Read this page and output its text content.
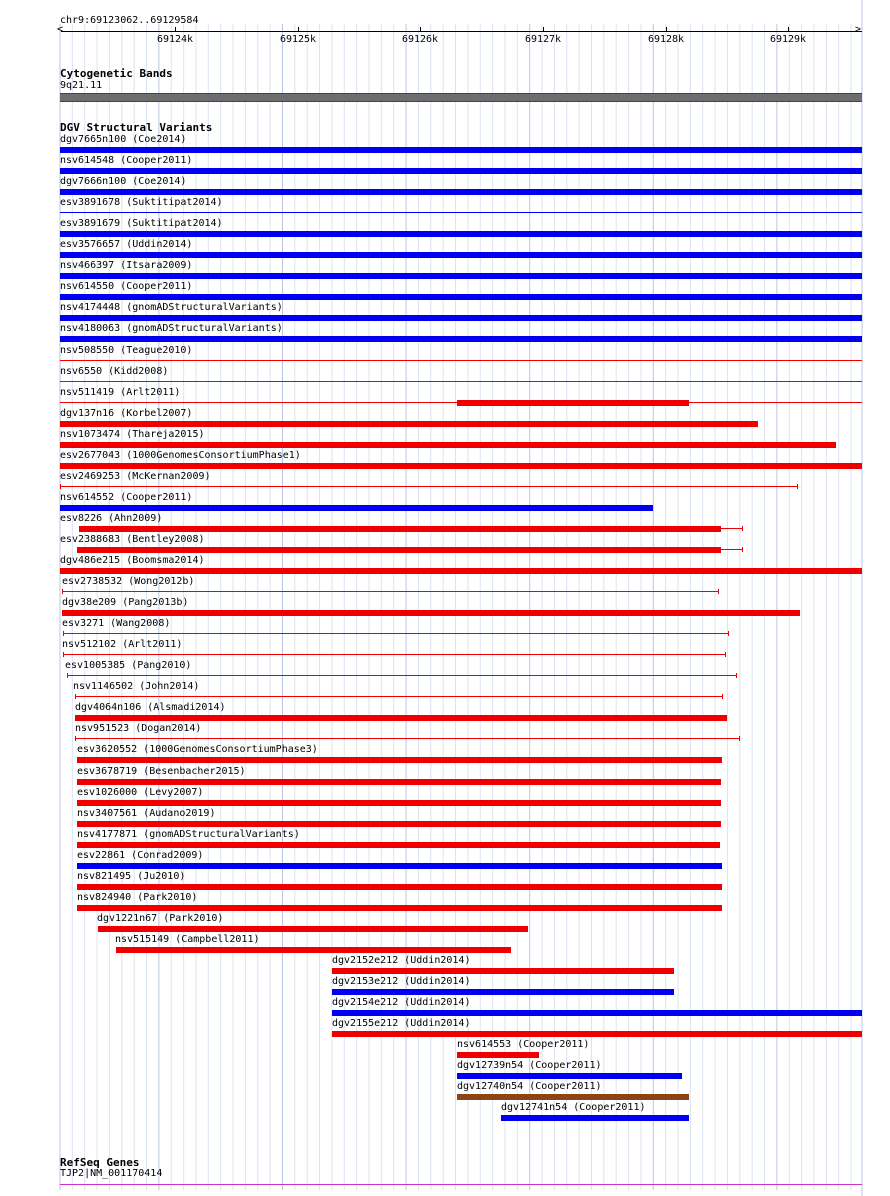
chr9:69123062..69129584
<	>
69124k	69125k	69126k	69127k	69128k	69129k
Cytogenetic Bands
9q21.11
DGV Structural Variants
dgv7665n100 (Coe2014)
nsv614548 (Cooper2011)
dgv7666n100 (Coe2014)
esv3891678 (Suktitipat2014)
esv3891679 (Suktitipat2014)
esv3576657 (Uddin2014)
nsv466397 (Itsara2009)
nsv614550 (Cooper2011)
nsv4174448 (gnomADStructuralVariants)
nsv4180063 (gnomADStructuralVariants)
nsv508550 (Teague2010)
nsv6550 (Kidd2008)
nsv511419 (Arlt2011)
dgv137n16 (Korbel2007)
nsv1073474 (Thareja2015)
esv2677043 (1000GenomesConsortiumPhase1)
esv2469253 (McKernan2009)
nsv614552 (Cooper2011)
esv8226 (Ahn2009)
esv2388683 (Bentley2008)
dgv486e215 (Boomsma2014)
esv2738532 (Wong2012b)
dgv38e209 (Pang2013b)
esv3271 (Wang2008)
nsv512102 (Arlt2011)
esv1005385 (Pang2010)
nsv1146502 (John2014)
dgv4064n106 (Alsmadi2014)
nsv951523 (Dogan2014)
esv3620552 (1000GenomesConsortiumPhase3)
esv3678719 (Besenbacher2015)
esv1026000 (Levy2007)
nsv3407561 (Audano2019)
nsv4177871 (gnomADStructuralVariants)
esv22861 (Conrad2009)
nsv821495 (Ju2010)
nsv824940 (Park2010)
dgv1221n67 (Park2010)
nsv515149 (Campbell2011)
dgv2152e212 (Uddin2014)
dgv2153e212 (Uddin2014)
dgv2154e212 (Uddin2014)
dgv2155e212 (Uddin2014)
nsv614553 (Cooper2011)
dgv12739n54 (Cooper2011)
dgv12740n54 (Cooper2011)
dgv12741n54 (Cooper2011)
RefSeq Genes
TJP2|NM_001170414
